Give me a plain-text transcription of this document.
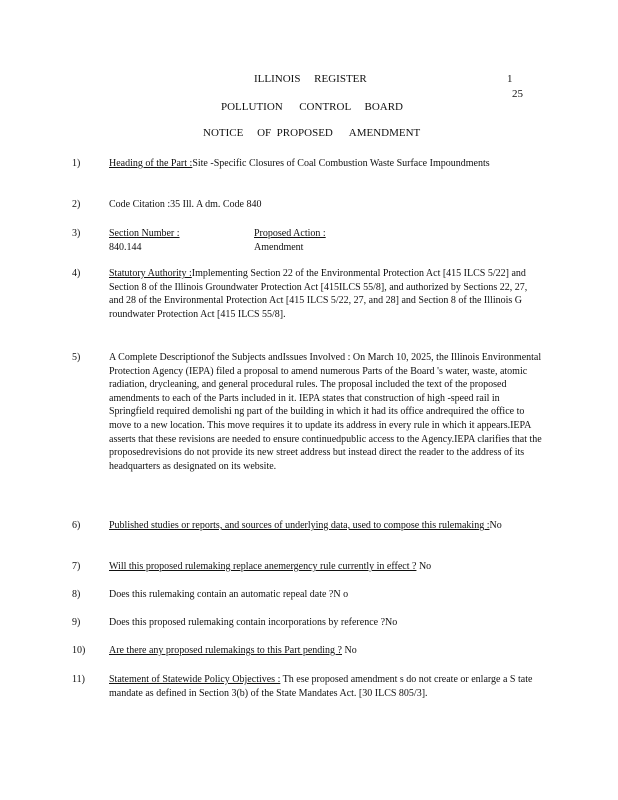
ILLINOIS     REGISTER	1
25
POLLUTION      CONTROL     BOARD
NOTICE     OF  PROPOSED      AMENDMENT
1)	Heading of the Part :Site -Specific Closures of Coal Combustion Waste Surface Impoundments
2)	Code Citation :35 Ill. A dm. Code 840
3)	Section Number :
840.144
Proposed Action :
Amendment
4)	Statutory Authority :Implementing Section 22 of the Environmental Protection Act [415 ILCS 5/22] and Section 8 of the Illinois Groundwater Protection Act [415ILCS 55/8], and authorized by Sections 22, 27, and 28 of the Environmental Protection Act [415 ILCS 5/22, 27, and 28] and Section 8 of the Illinois G roundwater Protection Act [415 ILCS 55/8].
5)	A Complete Descriptionof the Subjects andIssues Involved : On March 10, 2025, the Illinois Environmental Protection Agency (IEPA) filed a proposal to amend numerous Parts of the Board 's water, waste, atomic radiation, drycleaning, and general procedural rules. The proposal included the text of the proposed amendments to each of the Parts included in it. IEPA states that construction of high -speed rail in Springfield required demolishi ng part of the building in which it had its office andrequired the office to move to a new location. This move requires it to update its address in every rule in which it appears.IEPA asserts that these revisions are needed to ensure continuedpublic access to the Agency.IEPA clarifies that the proposedrevisions do not provide its new street address but instead direct the reader to the address of its headquarters as designated on its website.
6)	Published studies or reports, and sources of underlying data, used to compose this rulemaking :No
7)	Will this proposed rulemaking replace anemergency rule currently in effect ? No
8)	Does this rulemaking contain an automatic repeal date ?N o
9)	Does this proposed rulemaking contain incorporations by reference ?No
10) Are there any proposed rulemakings to this Part pending ? No
11) Statement of Statewide Policy Objectives : Th ese proposed amendment s do not create or enlarge a S tate mandate as defined in Section 3(b) of the State Mandates Act. [30 ILCS 805/3].
